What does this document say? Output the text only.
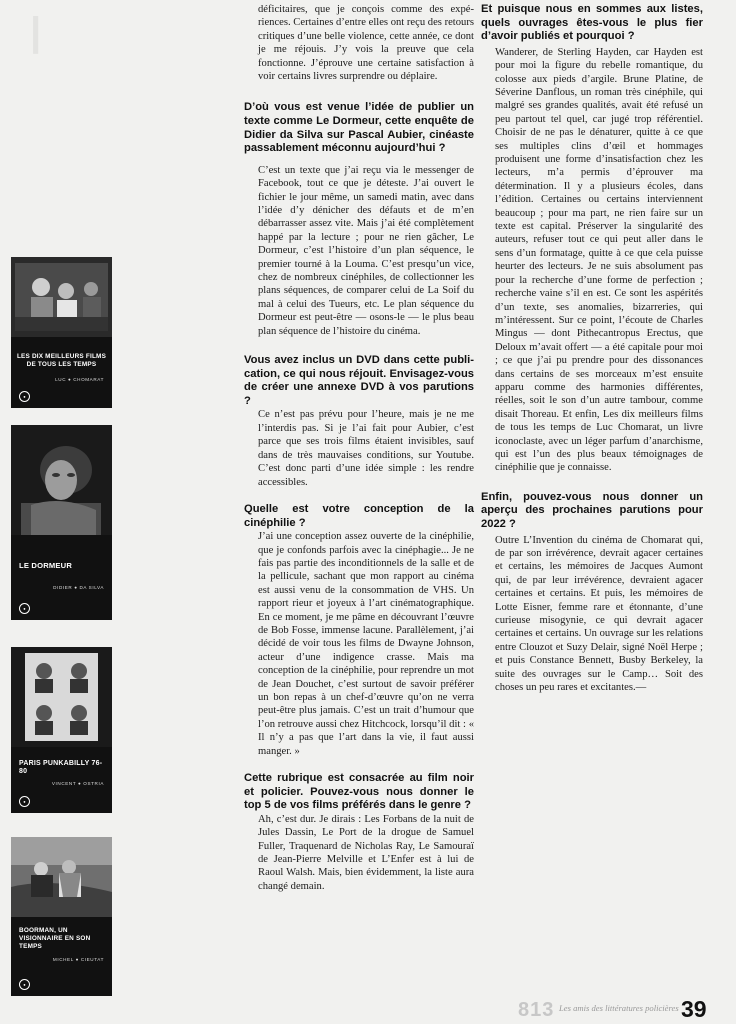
|
LES DIX MEILLEURS FILMS DE TOUS LES TEMPS
LUC ● CHOMARAT
●
LE DORMEUR
DIDIER ● DA SILVA
●
PARIS PUNKABILLY 76-80
VINCENT ● OSTRIA
●
BOORMAN, UN VISIONNAIRE EN SON TEMPS
MICHEL ● CIEUTAT
●

déficitaires, que je conçois comme des expériences. Certaines d’entre elles ont reçu des retours critiques d’une belle violence, cette année, ce dont je me réjouis. J’y vois la preuve que cela fonctionne. J’éprouve une certaine satisfaction à voir certains livres surprendre ou déplaire.

D’où vous est venue l’idée de publier un texte comme Le Dormeur, cette enquête de Didier da Silva sur Pascal Aubier, cinéaste passablement méconnu aujourd’hui ?

C’est un texte que j’ai reçu via le messenger de Facebook, tout ce que je déteste. J’ai ouvert le fichier le jour même, un samedi matin, avec dans l’idée d’y dénicher des défauts et de m’en débarrasser assez vite. Mais j’ai été complètement happé par la lecture ; pour ne rien gâcher, Le Dormeur, c’est l’histoire d’un plan séquence, le premier tourné à la Louma. C’est presqu’un vice, chez de nombreux cinéphiles, de collectionner les plans séquences, de comparer celui de La Soif du mal à celui des Tueurs, etc. Le plan séquence du Dormeur est peut-être — osons-le — le plus beau plan séquence de l’histoire du cinéma.

Vous avez inclus un DVD dans cette publication, ce qui nous réjouit. Envisagez-vous de créer une annexe DVD à vos parutions ?

Ce n’est pas prévu pour l’heure, mais je ne me l’interdis pas. Si je l’ai fait pour Aubier, c’est parce que ses trois films étaient invisibles, sauf dans de très mauvaises conditions, sur Youtube. C’est donc parti d’une idée simple : les rendre accessibles.

Quelle est votre conception de la cinéphilie ?

J’ai une conception assez ouverte de la cinéphilie, que je confonds parfois avec la cinéphagie... Je ne fais pas partie des inconditionnels de la salle et de la pellicule, sachant que mon rapport au cinéma est aussi venu de la consommation de VHS. Un rapport rieur et joyeux à l’art cinématographique. En ce moment, je me pâme en découvrant l’œuvre de Bob Fosse, immense lacune. Parallèlement, j’ai décidé de voir tous les films de Dwayne Johnson, acteur d’une indigence crasse. Mais ma conception de la cinéphilie, pour reprendre un mot de Jean Douchet, c’est surtout de savoir préférer un bon repas à un chef-d’œuvre qu’on ne verra peut-être plus jamais. C’est un trait d’humour que l’on retrouve aussi chez Hitchcock, lorsqu’il dit : « Il n’y a pas que l’art dans la vie, il faut aussi manger. »

Cette rubrique est consacrée au film noir et policier. Pouvez-vous nous donner le top 5 de vos films préférés dans le genre ?

Ah, c’est dur. Je dirais : Les Forbans de la nuit de Jules Dassin, Le Port de la drogue de Samuel Fuller, Traquenard de Nicholas Ray, Le Samouraï de Jean-Pierre Melville et L’Enfer est à lui de Raoul Walsh. Mais, bien évidemment, la liste aura changé demain.

Et puisque nous en sommes aux listes, quels ouvrages êtes-vous le plus fier d’avoir publiés et pourquoi ?

Wanderer, de Sterling Hayden, car Hayden est pour moi la figure du rebelle romantique, du colosse aux pieds d’argile. Brune Platine, de Séverine Danflous, un roman très cinéphile, qui malgré ses grandes qualités, avait été refusé un peu partout tel quel, car jugé trop référentiel. Choisir de ne pas le dénaturer, quitte à ce que ses multiples clins d’œil et hommages produisent une forme d’insatisfaction chez les lecteurs, m’a permis d’éprouver ma détermination. Il y a plusieurs écoles, dans l’édition. Certaines ou certains interviennent beaucoup ; pour ma part, ne rien faire sur un texte est capital. Préserver la singularité des auteurs, refuser tout ce qui peut aller dans le sens d’un formatage, quitte à ce que cela puisse heurter des lecteurs. Je ne suis absolument pas pour la recherche d’une forme de perfection ; recherche vaine s’il en est. Ce sont les aspérités d’un texte, ses anomalies, bizarreries, qui m’intéressent. Sur ce point, l’écoute de Charles Mingus — dont Pithecantropus Erectus, que Deloux m’avait offert — a été capitale pour moi ; ce que j’ai pu prendre pour des dissonances dans certains de ses morceaux m’est ensuite apparu comme des harmonies différentes, réelles, soit le son d’un autre tambour, comme disait Thoreau. Et enfin, Les dix meilleurs films de tous les temps de Luc Chomarat, un livre iconoclaste, avec un léger parfum d’anarchisme, qui est l’un des plus beaux témoignages de cinéphilie que je connaisse.

Enfin, pouvez-vous nous donner un aperçu des prochaines parutions pour 2022 ?

Outre L’Invention du cinéma de Chomarat qui, de par son irrévérence, devrait agacer certaines et certains, les mémoires de Jacques Aumont qui, de par leur irrévérence, devraient agacer certaines et certains. Et puis, les mémoires de Lotte Eisner, femme rare et étonnante, d’une curieuse misogynie, ce qui devrait agacer certaines et certains. Un ouvrage sur les relations entre Clouzot et Suzy Delair, signé Noël Herpe ; et puis Constance Bennett, Busby Berkeley, la suite des ouvrages sur le Camp… Soit des choses un peu rares et excitantes.—

813 Les amis des littératures policières 39
